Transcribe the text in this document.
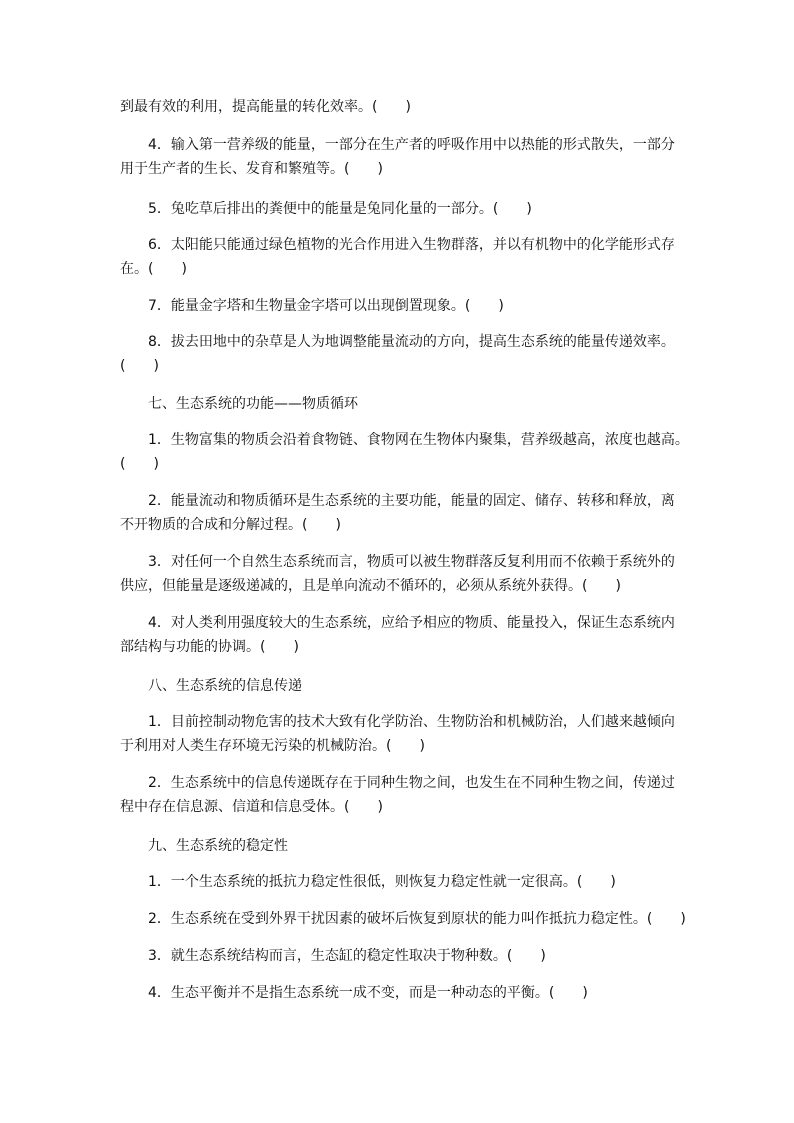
到最有效的利用，提高能量的转化效率。(　　)
4．输入第一营养级的能量，一部分在生产者的呼吸作用中以热能的形式散失，一部分
用于生产者的生长、发育和繁殖等。(　　)
5．兔吃草后排出的粪便中的能量是兔同化量的一部分。(　　)
6．太阳能只能通过绿色植物的光合作用进入生物群落，并以有机物中的化学能形式存
在。(　　)
7．能量金字塔和生物量金字塔可以出现倒置现象。(　　)
8．拔去田地中的杂草是人为地调整能量流动的方向，提高生态系统的能量传递效率。
(　　)
七、生态系统的功能——物质循环
1．生物富集的物质会沿着食物链、食物网在生物体内聚集，营养级越高，浓度也越高。
(　　)
2．能量流动和物质循环是生态系统的主要功能，能量的固定、储存、转移和释放，离
不开物质的合成和分解过程。(　　)
3．对任何一个自然生态系统而言，物质可以被生物群落反复利用而不依赖于系统外的
供应，但能量是逐级递减的，且是单向流动不循环的，必须从系统外获得。(　　)
4．对人类利用强度较大的生态系统，应给予相应的物质、能量投入，保证生态系统内
部结构与功能的协调。(　　)
八、生态系统的信息传递
1．目前控制动物危害的技术大致有化学防治、生物防治和机械防治，人们越来越倾向
于利用对人类生存环境无污染的机械防治。(　　)
2．生态系统中的信息传递既存在于同种生物之间，也发生在不同种生物之间，传递过
程中存在信息源、信道和信息受体。(　　)
九、生态系统的稳定性
1．一个生态系统的抵抗力稳定性很低，则恢复力稳定性就一定很高。(　　)
2．生态系统在受到外界干扰因素的破坏后恢复到原状的能力叫作抵抗力稳定性。(　　)
3．就生态系统结构而言，生态缸的稳定性取决于物种数。(　　)
4．生态平衡并不是指生态系统一成不变，而是一种动态的平衡。(　　)
